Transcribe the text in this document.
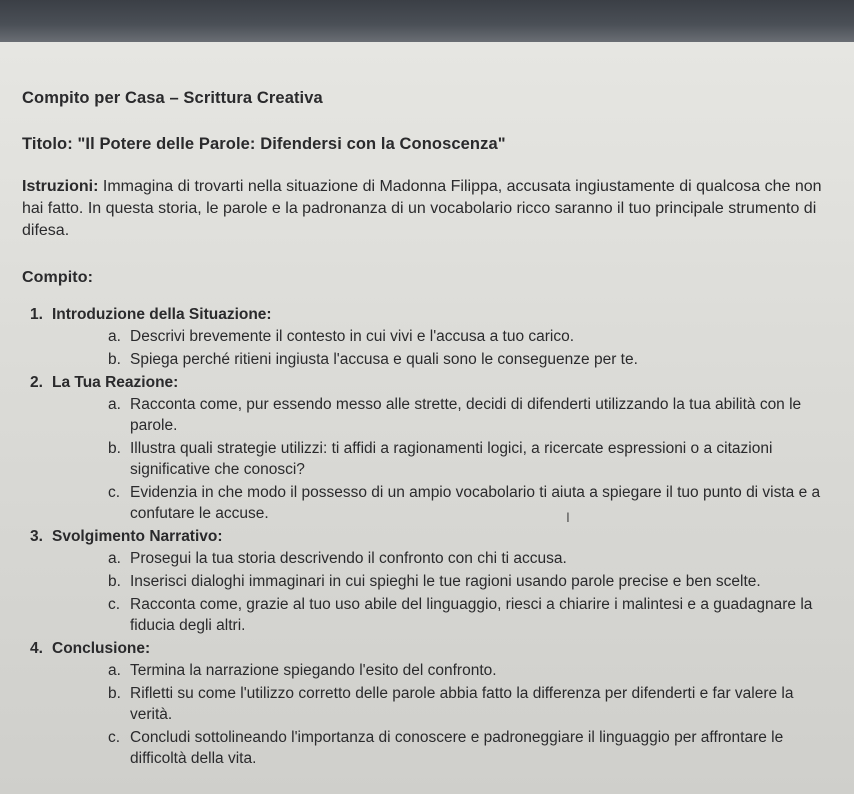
Compito per Casa – Scrittura Creativa
Titolo: "Il Potere delle Parole: Difendersi con la Conoscenza"
Istruzioni: Immagina di trovarti nella situazione di Madonna Filippa, accusata ingiustamente di qualcosa che non hai fatto. In questa storia, le parole e la padronanza di un vocabolario ricco saranno il tuo principale strumento di difesa.
Compito:
1. Introduzione della Situazione:
a. Descrivi brevemente il contesto in cui vivi e l'accusa a tuo carico.
b. Spiega perché ritieni ingiusta l'accusa e quali sono le conseguenze per te.
2. La Tua Reazione:
a. Racconta come, pur essendo messo alle strette, decidi di difenderti utilizzando la tua abilità con le parole.
b. Illustra quali strategie utilizzi: ti affidi a ragionamenti logici, a ricercate espressioni o a citazioni significative che conosci?
c. Evidenzia in che modo il possesso di un ampio vocabolario ti aiuta a spiegare il tuo punto di vista e a confutare le accuse.
3. Svolgimento Narrativo:
a. Prosegui la tua storia descrivendo il confronto con chi ti accusa.
b. Inserisci dialoghi immaginari in cui spieghi le tue ragioni usando parole precise e ben scelte.
c. Racconta come, grazie al tuo uso abile del linguaggio, riesci a chiarire i malintesi e a guadagnare la fiducia degli altri.
4. Conclusione:
a. Termina la narrazione spiegando l'esito del confronto.
b. Rifletti su come l'utilizzo corretto delle parole abbia fatto la differenza per difenderti e far valere la verità.
c. Concludi sottolineando l'importanza di conoscere e padroneggiare il linguaggio per affrontare le difficoltà della vita.
I
